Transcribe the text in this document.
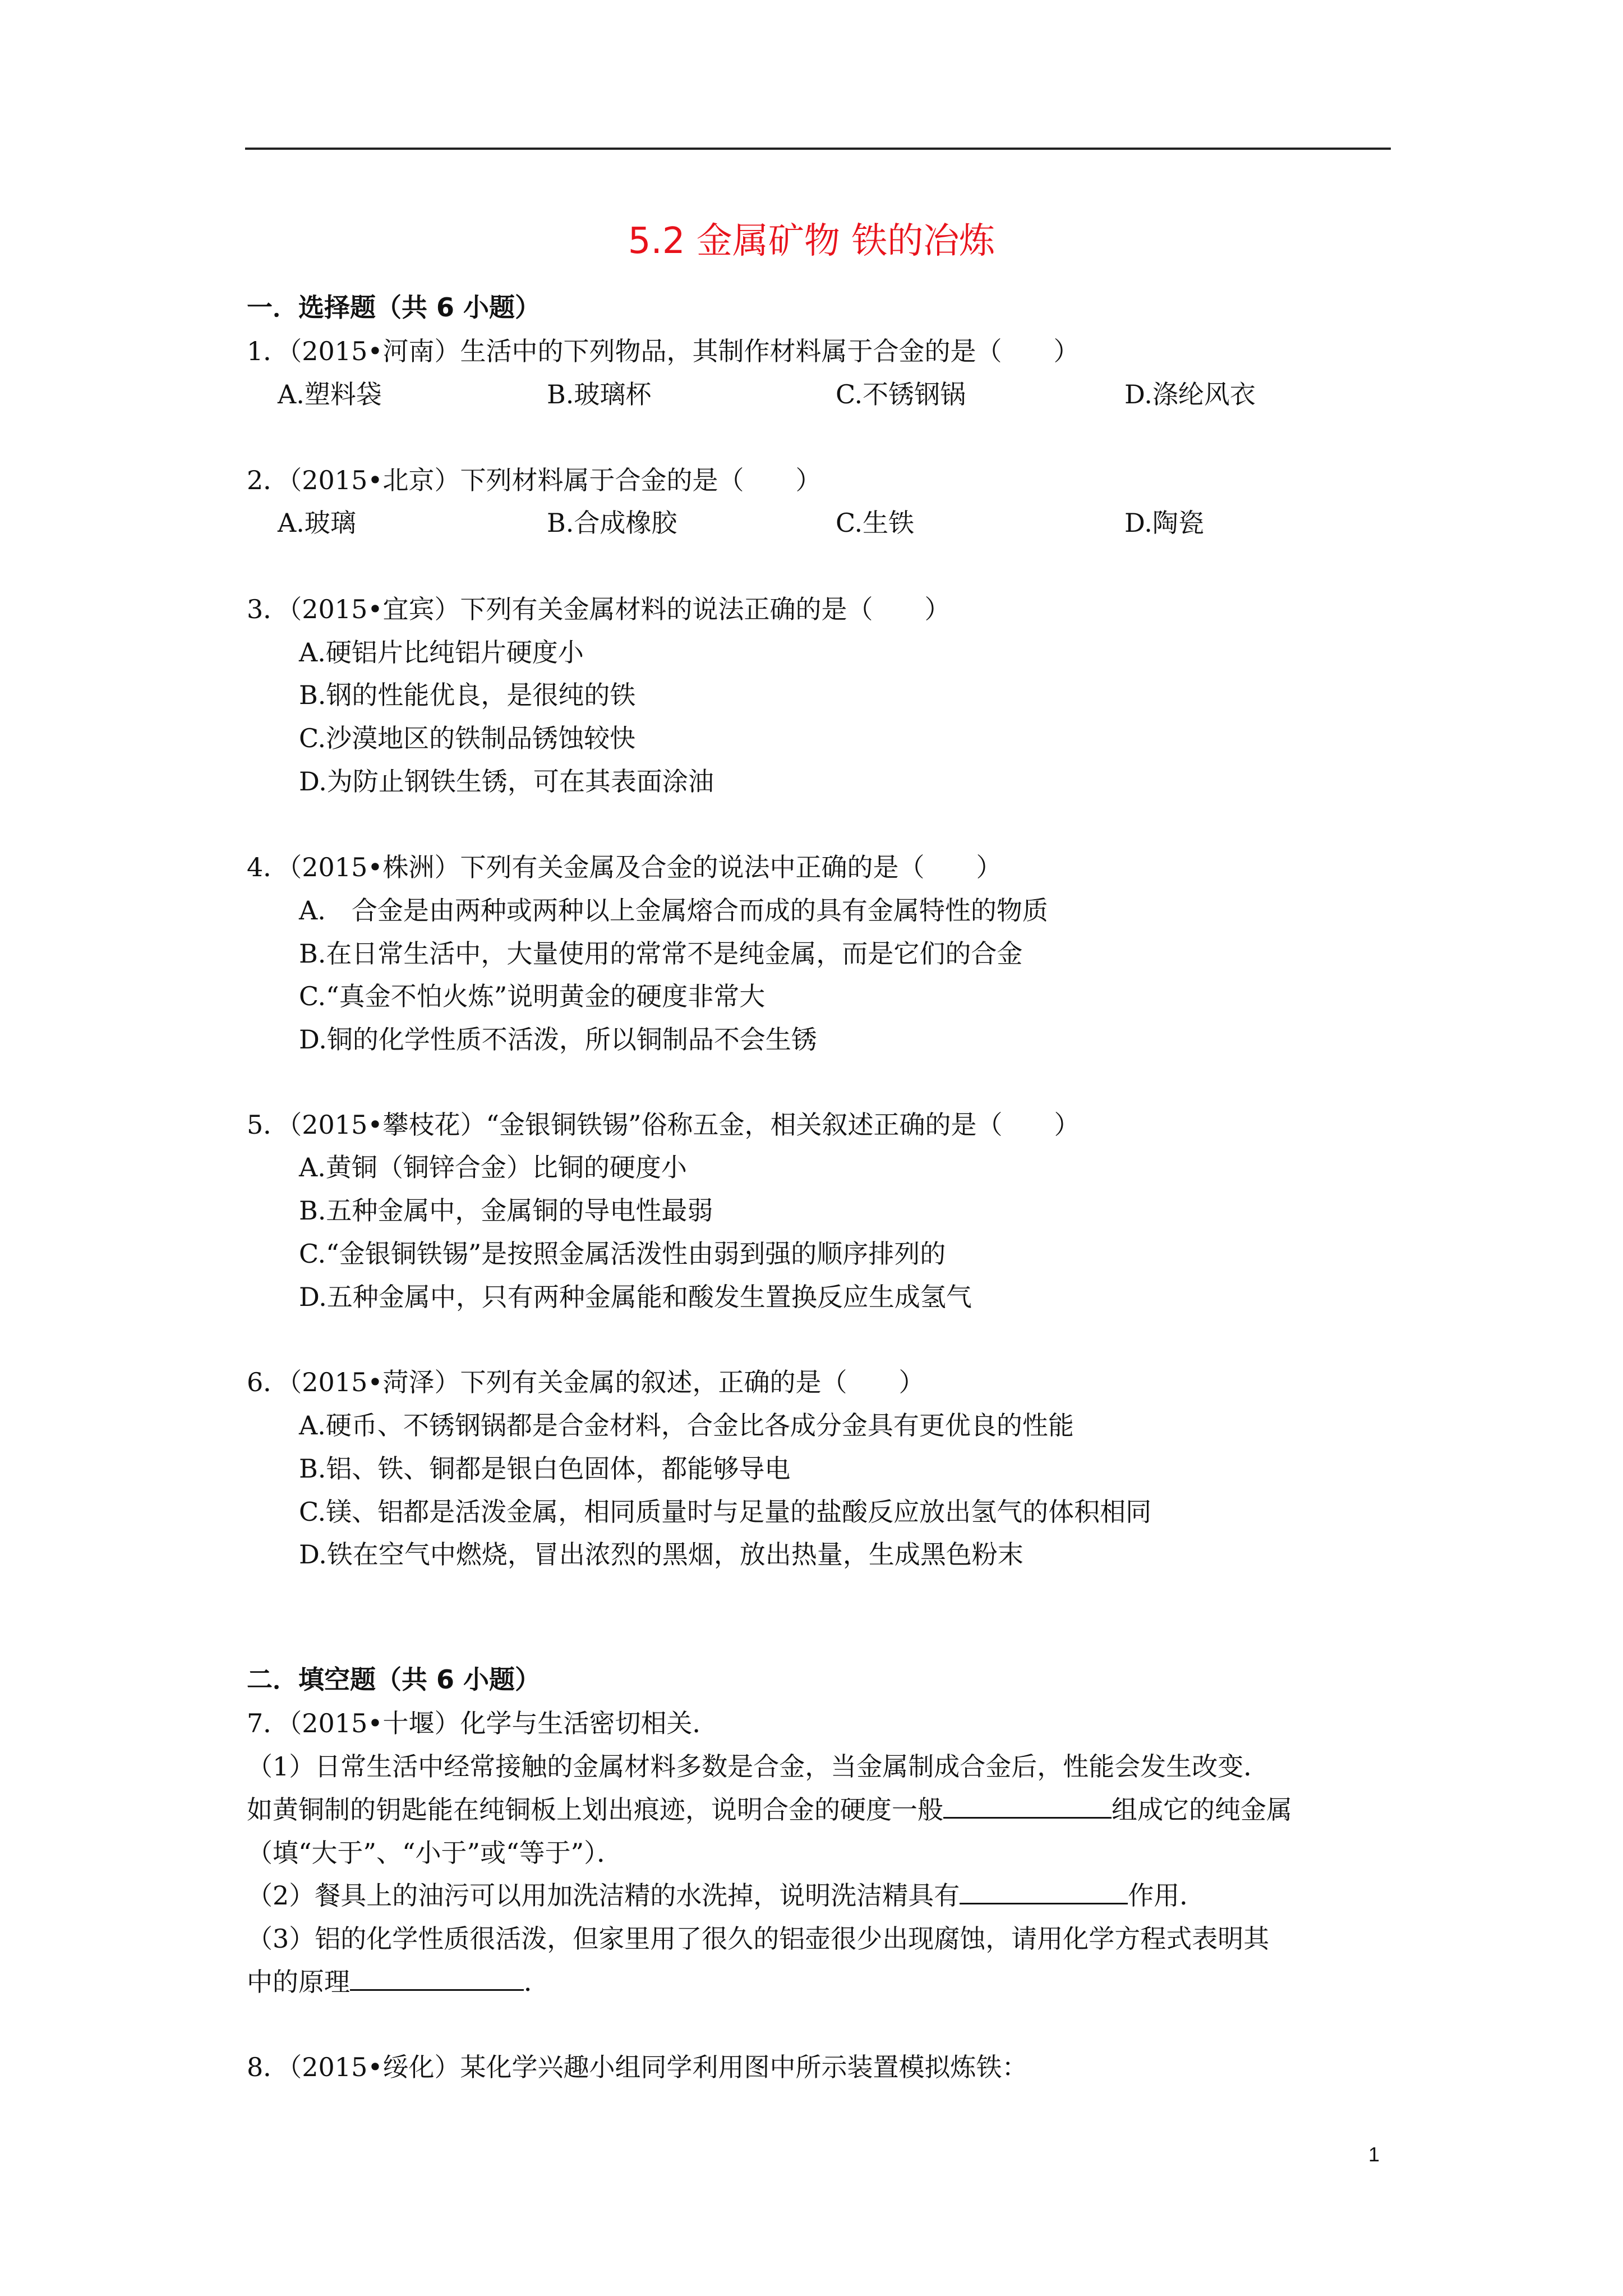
5.2 金属矿物 铁的冶炼
一．选择题（共 6 小题）
1．（2015•河南）生活中的下列物品，其制作材料属于合金的是（　　）
A.塑料袋	B.玻璃杯	C.不锈钢锅	D.涤纶风衣
2．（2015•北京）下列材料属于合金的是（　　）
A.玻璃	B.合成橡胶	C.生铁	D.陶瓷
3．（2015•宜宾）下列有关金属材料的说法正确的是（　　）
A.硬铝片比纯铝片硬度小
B.钢的性能优良，是很纯的铁
C.沙漠地区的铁制品锈蚀较快
D.为防止钢铁生锈，可在其表面涂油
4．（2015•株洲）下列有关金属及合金的说法中正确的是（　　）
A.　合金是由两种或两种以上金属熔合而成的具有金属特性的物质
B.在日常生活中，大量使用的常常不是纯金属，而是它们的合金
C.“真金不怕火炼”说明黄金的硬度非常大
D.铜的化学性质不活泼，所以铜制品不会生锈
5．（2015•攀枝花）“金银铜铁锡”俗称五金，相关叙述正确的是（　　）
A.黄铜（铜锌合金）比铜的硬度小
B.五种金属中，金属铜的导电性最弱
C.“金银铜铁锡”是按照金属活泼性由弱到强的顺序排列的
D.五种金属中，只有两种金属能和酸发生置换反应生成氢气
6．（2015•菏泽）下列有关金属的叙述，正确的是（　　）
A.硬币、不锈钢锅都是合金材料，合金比各成分金具有更优良的性能
B.铝、铁、铜都是银白色固体，都能够导电
C.镁、铝都是活泼金属，相同质量时与足量的盐酸反应放出氢气的体积相同
D.铁在空气中燃烧，冒出浓烈的黑烟，放出热量，生成黑色粉末
二．填空题（共 6 小题）
7．（2015•十堰）化学与生活密切相关．
（1）日常生活中经常接触的金属材料多数是合金，当金属制成合金后，性能会发生改变．
如黄铜制的钥匙能在纯铜板上划出痕迹，说明合金的硬度一般	组成它的纯金属
（填“大于”、“小于”或“等于”）．
（2）餐具上的油污可以用加洗洁精的水洗掉，说明洗洁精具有	作用．
（3）铝的化学性质很活泼，但家里用了很久的铝壶很少出现腐蚀，请用化学方程式表明其
中的原理	．
8．（2015•绥化）某化学兴趣小组同学利用图中所示装置模拟炼铁：
1
